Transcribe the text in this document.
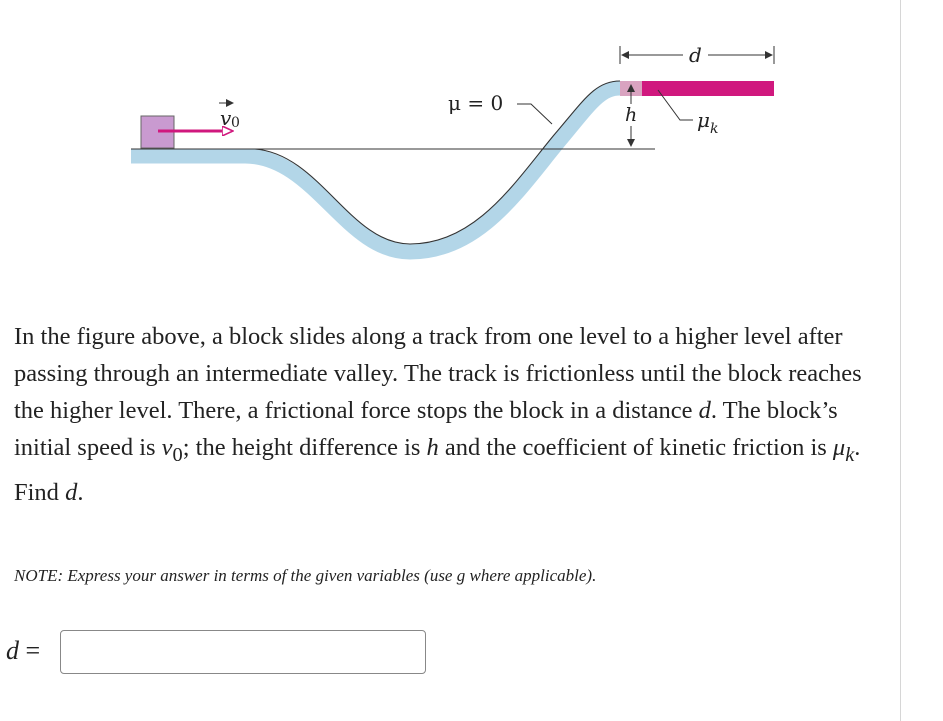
v 0
μ = 0	h
d
μ k
In the figure above, a block slides along a track from one level to a higher level after passing through an intermediate valley. The track is frictionless until the block reaches the higher level. There, a frictional force stops the block in a distance d. The block’s initial speed is $v_0$; the height difference is h and the coefficient of kinetic friction is $\mu_k$. Find d.
NOTE: Express your answer in terms of the given variables (use g where applicable).
d =
